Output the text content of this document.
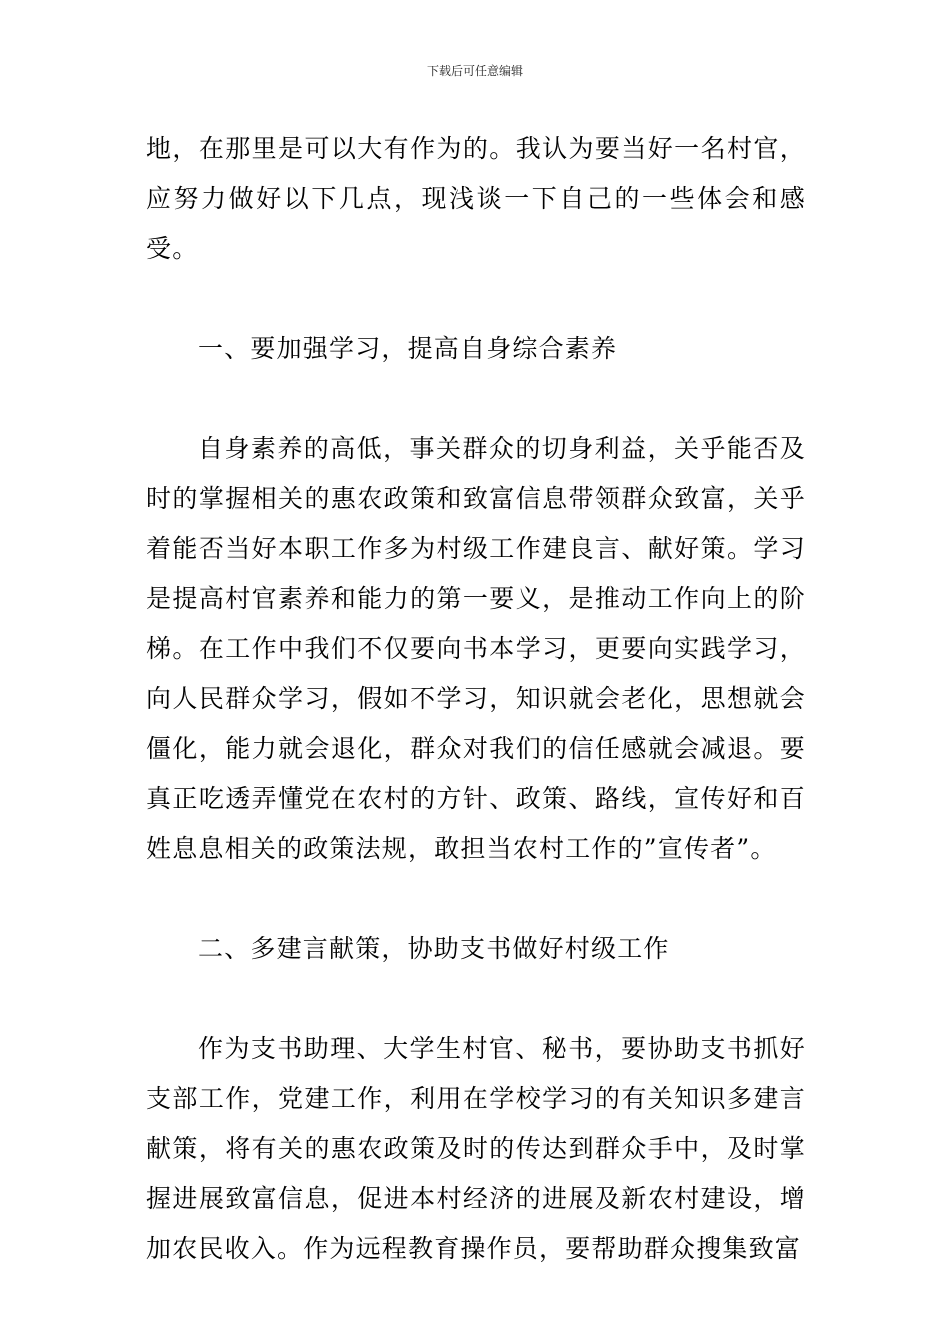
下载后可任意编辑

地，在那里是可以大有作为的。我认为要当好一名村官，应努力做好以下几点，现浅谈一下自己的一些体会和感受。

一、要加强学习，提高自身综合素养

自身素养的高低，事关群众的切身利益，关乎能否及时的掌握相关的惠农政策和致富信息带领群众致富，关乎着能否当好本职工作多为村级工作建良言、献好策。学习是提高村官素养和能力的第一要义，是推动工作向上的阶梯。在工作中我们不仅要向书本学习，更要向实践学习，向人民群众学习，假如不学习，知识就会老化，思想就会僵化，能力就会退化，群众对我们的信任感就会减退。要真正吃透弄懂党在农村的方针、政策、路线，宣传好和百姓息息相关的政策法规，敢担当农村工作的”宣传者”。

二、多建言献策，协助支书做好村级工作

作为支书助理、大学生村官、秘书，要协助支书抓好支部工作，党建工作，利用在学校学习的有关知识多建言献策，将有关的惠农政策及时的传达到群众手中，及时掌握进展致富信息，促进本村经济的进展及新农村建设，增加农民收入。作为远程教育操作员，要帮助群众搜集致富
